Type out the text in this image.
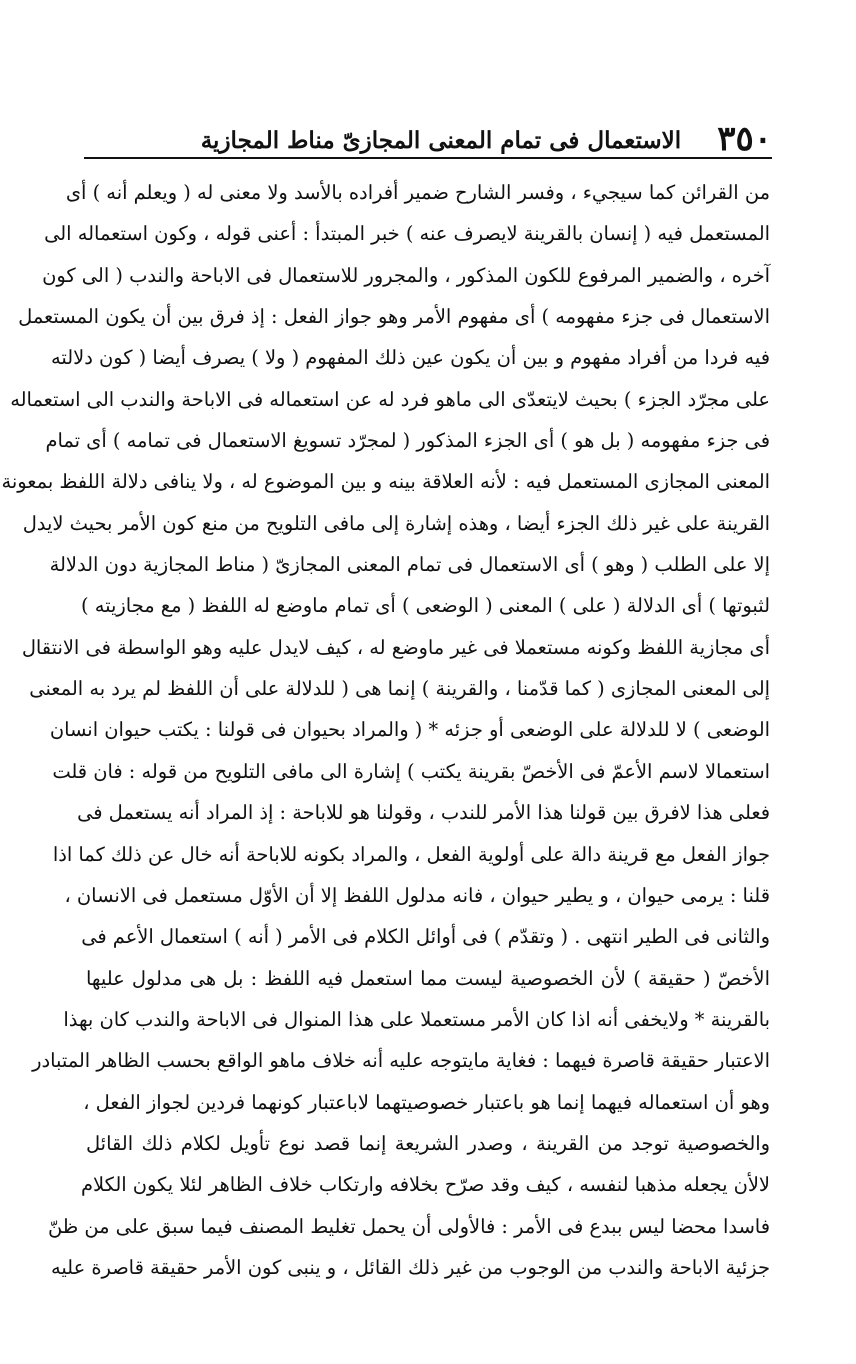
٣٥٠
الاستعمال فى تمام المعنى المجازىّ مناط المجازية
من القرائن كما سيجيء ، وفسر الشارح ضمير أفراده بالأسد ولا معنى له ( ويعلم أنه ) أى
المستعمل فيه ( إنسان بالقرينة لايصرف عنه ) خبر المبتدأ : أعنى قوله ، وكون استعماله الى
آخره ، والضمير المرفوع للكون المذكور ، والمجرور للاستعمال فى الاباحة والندب ( الى كون
الاستعمال فى جزء مفهومه ) أى مفهوم الأمر وهو جواز الفعل : إذ فرق بين أن يكون المستعمل
فيه فردا من أفراد مفهوم و بين أن يكون عين ذلك المفهوم ( ولا ) يصرف أيضا ( كون دلالته
على مجرّد الجزء ) بحيث لايتعدّى الى ماهو فرد له عن استعماله فى الاباحة والندب الى استعماله
فى جزء مفهومه ( بل هو ) أى الجزء المذكور ( لمجرّد تسويغ الاستعمال فى تمامه ) أى تمام
المعنى المجازى المستعمل فيه : لأنه العلاقة بينه و بين الموضوع له ، ولا ينافى دلالة اللفظ بمعونة
القرينة على غير ذلك الجزء أيضا ، وهذه إشارة إلى مافى التلويح من منع كون الأمر بحيث لايدل
إلا على الطلب ( وهو ) أى الاستعمال فى تمام المعنى المجازىّ ( مناط المجازية دون الدلالة
لثبوتها ) أى الدلالة ( على ) المعنى ( الوضعى ) أى تمام ماوضع له اللفظ ( مع مجازيته )
أى مجازية اللفظ وكونه مستعملا فى غير ماوضع له ، كيف لايدل عليه وهو الواسطة فى الانتقال
إلى المعنى المجازى ( كما قدّمنا ، والقرينة ) إنما هى ( للدلالة على أن اللفظ لم يرد به المعنى
الوضعى ) لا للدلالة على الوضعى أو جزئه * ( والمراد بحيوان فى قولنا : يكتب حيوان انسان
استعمالا لاسم الأعمّ فى الأخصّ بقرينة يكتب ) إشارة الى مافى التلويح من قوله : فان قلت
فعلى هذا لافرق بين قولنا هذا الأمر للندب ، وقولنا هو للاباحة : إذ المراد أنه يستعمل فى
جواز الفعل مع قرينة دالة على أولوية الفعل ، والمراد بكونه للاباحة أنه خال عن ذلك كما اذا
قلنا : يرمى حيوان ، و يطير حيوان ، فانه مدلول اللفظ إلا أن الأوّل مستعمل فى الانسان ،
والثانى فى الطير انتهى . ( وتقدّم ) فى أوائل الكلام فى الأمر ( أنه ) استعمال الأعم فى
الأخصّ ( حقيقة ) لأن الخصوصية ليست مما استعمل فيه اللفظ : بل هى مدلول عليها
بالقرينة * ولايخفى أنه اذا كان الأمر مستعملا على هذا المنوال فى الاباحة والندب كان بهذا
الاعتبار حقيقة قاصرة فيهما : فغاية مايتوجه عليه أنه خلاف ماهو الواقع بحسب الظاهر المتبادر
وهو أن استعماله فيهما إنما هو باعتبار خصوصيتهما لاباعتبار كونهما فردين لجواز الفعل ،
والخصوصية توجد من القرينة ، وصدر الشريعة إنما قصد نوع تأويل لكلام ذلك القائل
لالأن يجعله مذهبا لنفسه ، كيف وقد صرّح بخلافه وارتكاب خلاف الظاهر لئلا يكون الكلام
فاسدا محضا ليس ببدع فى الأمر : فالأولى أن يحمل تغليط المصنف فيما سبق على من ظنّ
جزئية الاباحة والندب من الوجوب من غير ذلك القائل ، و ينبى كون الأمر حقيقة قاصرة عليه
